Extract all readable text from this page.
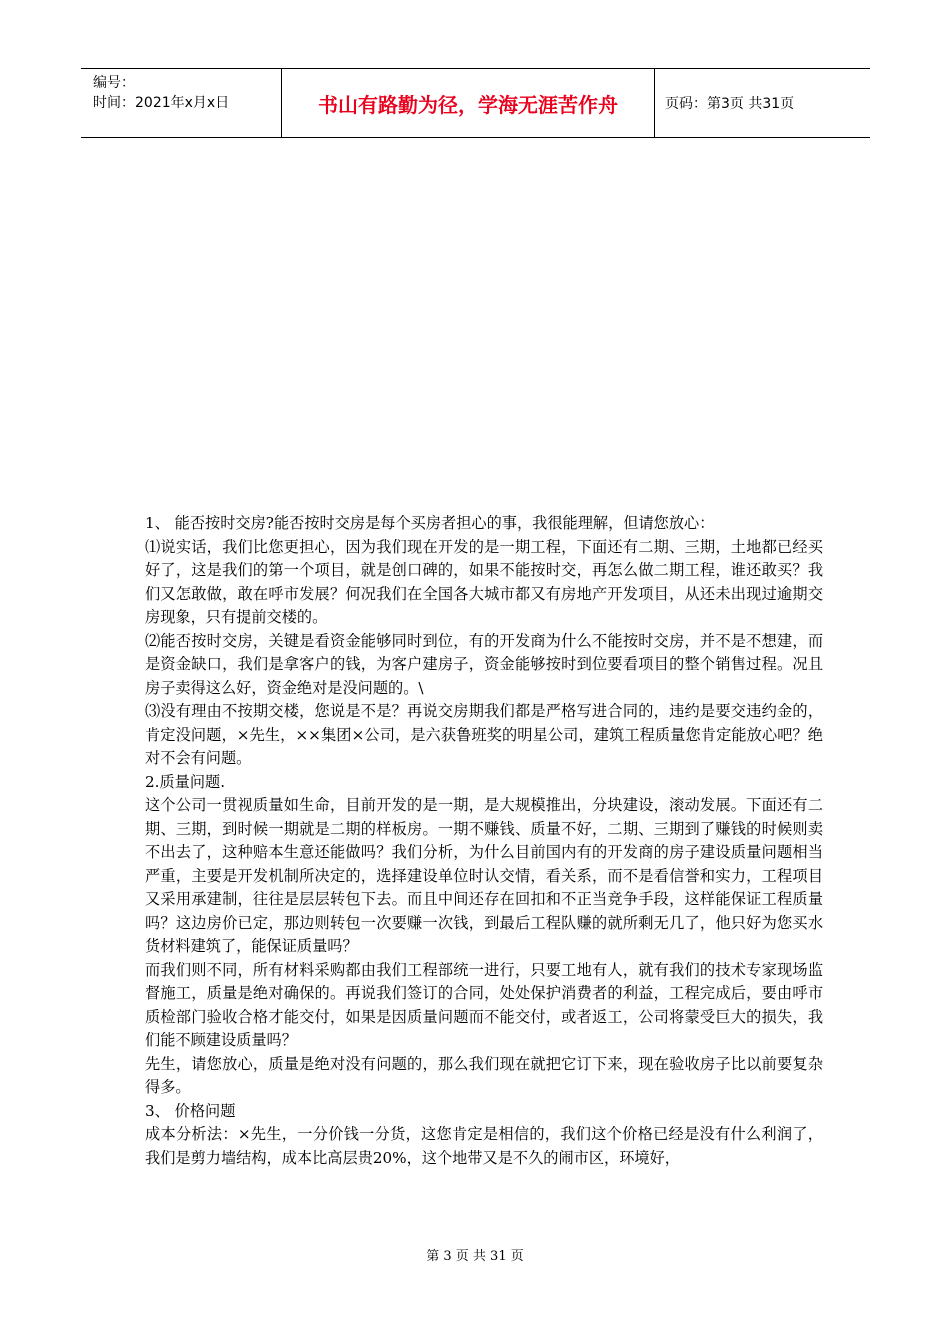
编号：
时间：2021年x月x日	书山有路勤为径，学海无涯苦作舟	页码：第3页 共31页

1、 能否按时交房?能否按时交房是每个买房者担心的事，我很能理解，但请您放心：

⑴说实话，我们比您更担心，因为我们现在开发的是一期工程，下面还有二期、三期，土地都已经买好了，这是我们的第一个项目，就是创口碑的，如果不能按时交，再怎么做二期工程，谁还敢买？我们又怎敢做，敢在呼市发展？何况我们在全国各大城市都又有房地产开发项目，从还未出现过逾期交房现象，只有提前交楼的。

⑵能否按时交房，关键是看资金能够同时到位，有的开发商为什么不能按时交房，并不是不想建，而是资金缺口，我们是拿客户的钱，为客户建房子，资金能够按时到位要看项目的整个销售过程。况且房子卖得这么好，资金绝对是没问题的。\

⑶没有理由不按期交楼，您说是不是？再说交房期我们都是严格写进合同的，违约是要交违约金的，肯定没问题，×先生，××集团×公司，是六获鲁班奖的明星公司，建筑工程质量您肯定能放心吧？绝对不会有问题。

2.质量问题.

这个公司一贯视质量如生命，目前开发的是一期，是大规模推出，分块建设，滚动发展。下面还有二期、三期，到时候一期就是二期的样板房。一期不赚钱、质量不好，二期、三期到了赚钱的时候则卖不出去了，这种赔本生意还能做吗？我们分析，为什么目前国内有的开发商的房子建设质量问题相当严重，主要是开发机制所决定的，选择建设单位时认交情，看关系，而不是看信誉和实力，工程项目又采用承建制，往往是层层转包下去。而且中间还存在回扣和不正当竞争手段，这样能保证工程质量吗？这边房价已定，那边则转包一次要赚一次钱，到最后工程队赚的就所剩无几了，他只好为您买水货材料建筑了，能保证质量吗？

而我们则不同，所有材料采购都由我们工程部统一进行，只要工地有人，就有我们的技术专家现场监督施工，质量是绝对确保的。再说我们签订的合同，处处保护消费者的利益，工程完成后，要由呼市质检部门验收合格才能交付，如果是因质量问题而不能交付，或者返工，公司将蒙受巨大的损失，我们能不顾建设质量吗？

先生，请您放心，质量是绝对没有问题的，那么我们现在就把它订下来，现在验收房子比以前要复杂得多。

3、 价格问题

成本分析法：×先生，一分价钱一分货，这您肯定是相信的，我们这个价格已经是没有什么利润了，我们是剪力墙结构，成本比高层贵20%，这个地带又是不久的闹市区，环境好，

第 3 页 共 31 页
